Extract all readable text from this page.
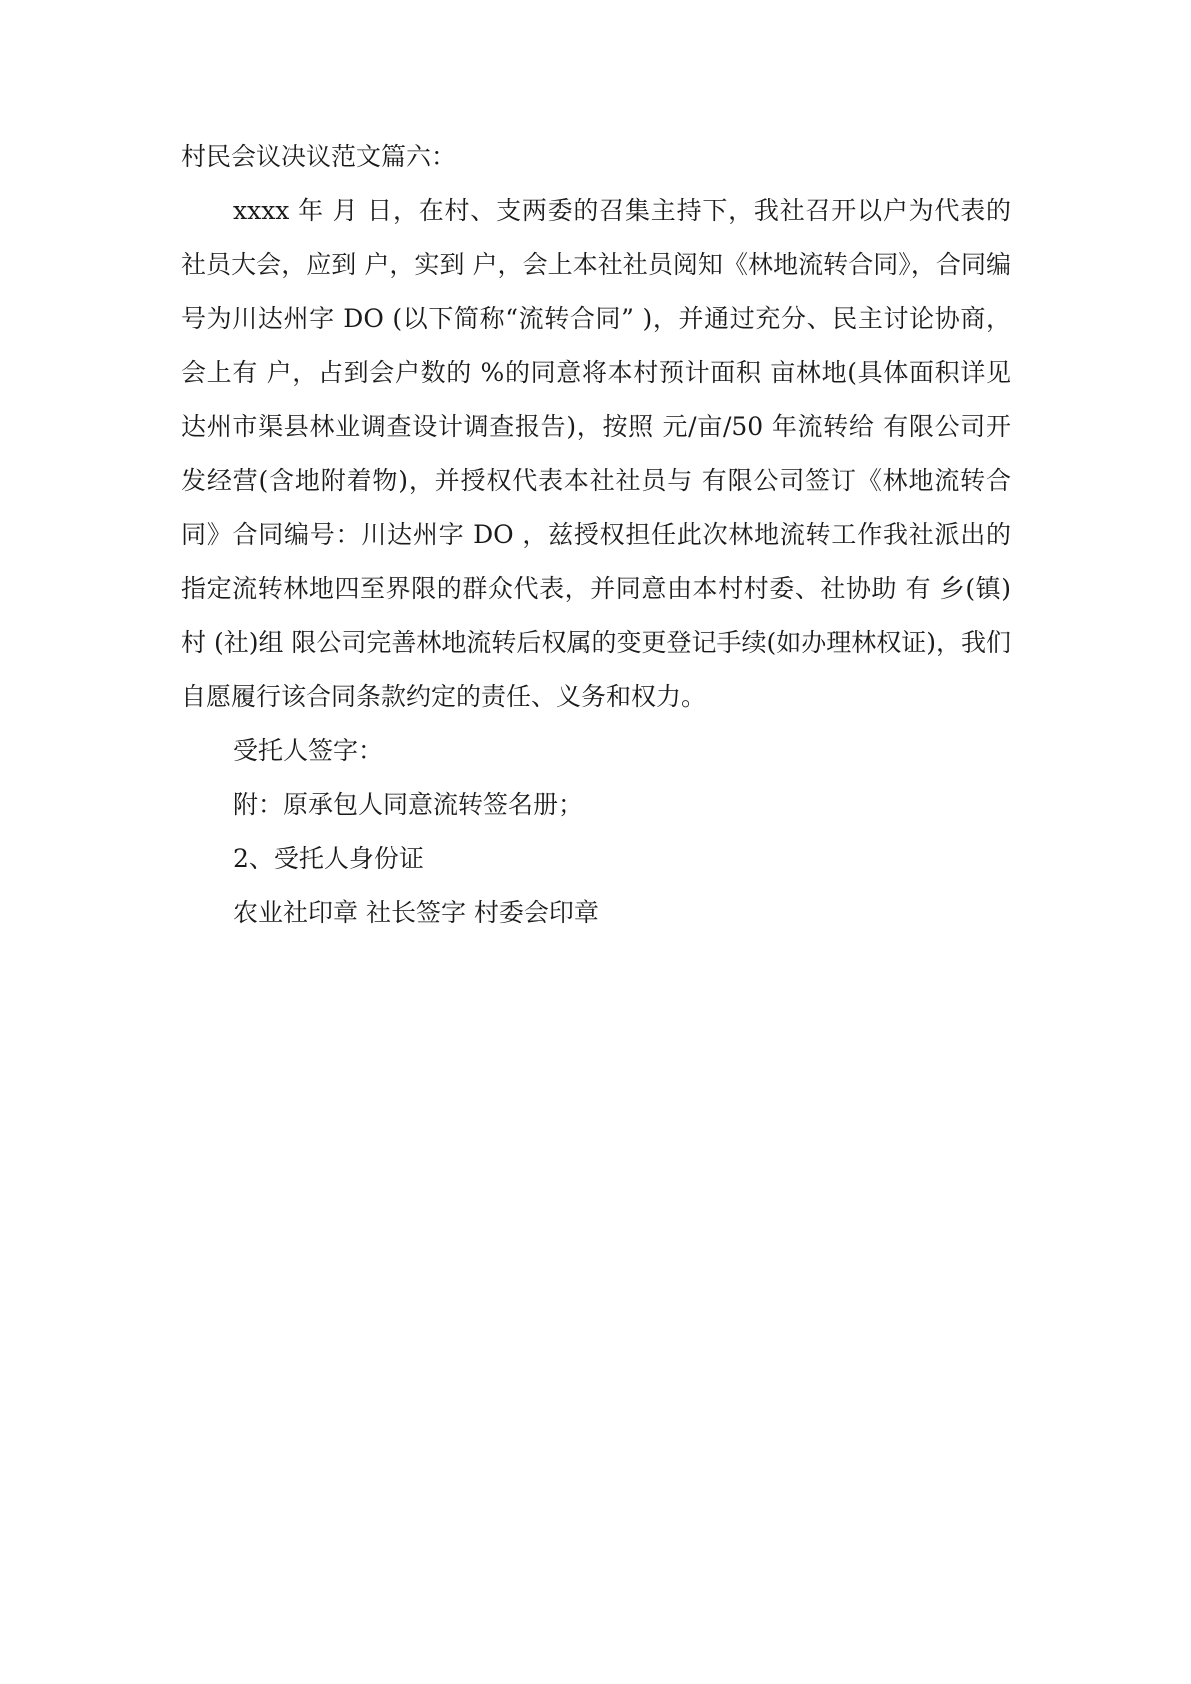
村民会议决议范文篇六：

xxxx 年 月 日，在村、支两委的召集主持下，我社召开以户为代表的社员大会，应到 户，实到 户，会上本社社员阅知《林地流转合同》，合同编号为川达州字 DO (以下简称“流转合同” )，并通过充分、民主讨论协商，会上有 户，占到会户数的 %的同意将本村预计面积 亩林地(具体面积详见达州市渠县林业调查设计调查报告)，按照 元/亩/50 年流转给 有限公司开发经营(含地附着物)，并授权代表本社社员与 有限公司签订《林地流转合同》合同编号：川达州字 DO ，兹授权担任此次林地流转工作我社派出的指定流转林地四至界限的群众代表，并同意由本村村委、社协助 有 乡(镇) 村 (社)组 限公司完善林地流转后权属的变更登记手续(如办理林权证)，我们自愿履行该合同条款约定的责任、义务和权力。

受托人签字：

附：原承包人同意流转签名册；

2、受托人身份证

农业社印章 社长签字 村委会印章
